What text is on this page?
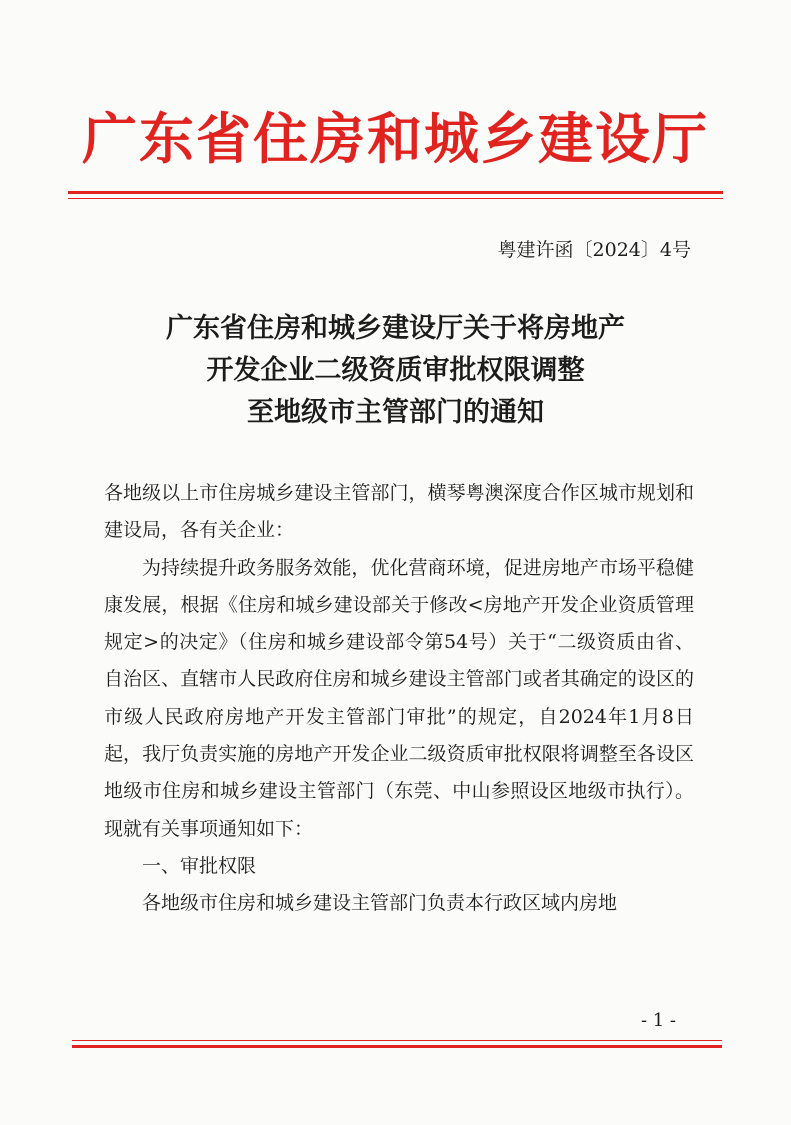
广东省住房和城乡建设厅
粤建许函〔2024〕4号
广东省住房和城乡建设厅关于将房地产
开发企业二级资质审批权限调整
至地级市主管部门的通知

各地级以上市住房城乡建设主管部门，横琴粤澳深度合作区城市规划和建设局，各有关企业：

为持续提升政务服务效能，优化营商环境，促进房地产市场平稳健康发展，根据《住房和城乡建设部关于修改<房地产开发企业资质管理规定>的决定》（住房和城乡建设部令第54号）关于“二级资质由省、自治区、直辖市人民政府住房和城乡建设主管部门或者其确定的设区的市级人民政府房地产开发主管部门审批”的规定，自2024年1月8日起，我厅负责实施的房地产开发企业二级资质审批权限将调整至各设区地级市住房和城乡建设主管部门（东莞、中山参照设区地级市执行）。现就有关事项通知如下：

一、审批权限

各地级市住房和城乡建设主管部门负责本行政区域内房地

- 1 -
